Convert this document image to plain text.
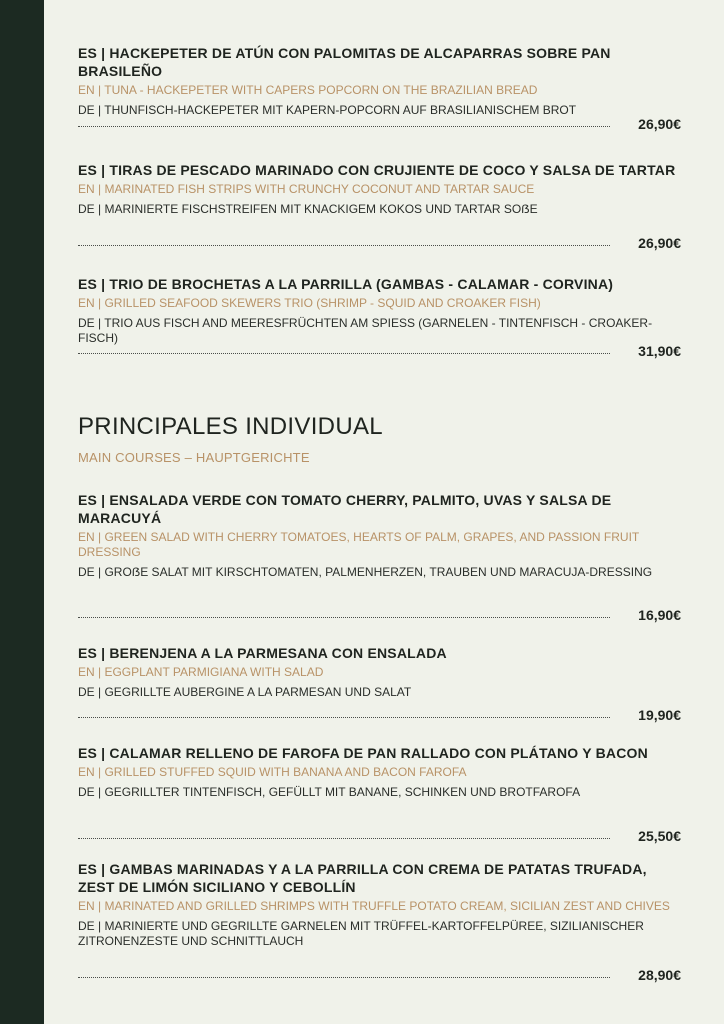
ES | HACKEPETER DE ATÚN CON PALOMITAS DE ALCAPARRAS SOBRE PAN BRASILEÑO
EN | TUNA - HACKEPETER WITH CAPERS POPCORN ON THE BRAZILIAN BREAD
DE | THUNFISCH-HACKEPETER MIT KAPERN-POPCORN AUF BRASILIANISCHEM BROT
26,90€
ES | TIRAS DE PESCADO MARINADO CON CRUJIENTE DE COCO Y SALSA DE TARTAR
EN | MARINATED FISH STRIPS WITH CRUNCHY COCONUT AND TARTAR SAUCE
DE | MARINIERTE FISCHSTREIFEN MIT KNACKIGEM KOKOS UND TARTAR SOẞE
26,90€
ES | TRIO DE BROCHETAS A LA PARRILLA (GAMBAS - CALAMAR - CORVINA)
EN | GRILLED SEAFOOD SKEWERS TRIO (SHRIMP - SQUID AND CROAKER FISH)
DE | TRIO AUS FISCH AND MEERESFRÜCHTEN AM SPIESS (GARNELEN - TINTENFISCH - CROAKER-FISCH)
31,90€
PRINCIPALES INDIVIDUAL
MAIN COURSES – HAUPTGERICHTE
ES | ENSALADA VERDE CON TOMATO CHERRY, PALMITO, UVAS Y SALSA DE MARACUYÁ
EN | GREEN SALAD WITH CHERRY TOMATOES, HEARTS OF PALM, GRAPES, AND PASSION FRUIT DRESSING
DE | GROẞE SALAT MIT KIRSCHTOMATEN, PALMENHERZEN, TRAUBEN UND MARACUJA-DRESSING
16,90€
ES | BERENJENA A LA PARMESANA CON ENSALADA
EN | EGGPLANT PARMIGIANA WITH SALAD
DE | GEGRILLTE AUBERGINE A LA PARMESAN UND SALAT
19,90€
ES | CALAMAR RELLENO DE FAROFA DE PAN RALLADO CON PLÁTANO Y BACON
EN | GRILLED STUFFED SQUID WITH BANANA AND BACON FAROFA
DE | GEGRILLTER TINTENFISCH, GEFÜLLT MIT BANANE, SCHINKEN UND BROTFAROFA
25,50€
ES | GAMBAS MARINADAS Y A LA PARRILLA CON CREMA DE PATATAS TRUFADA, ZEST DE LIMÓN SICILIANO Y CEBOLLÍN
EN | MARINATED AND GRILLED SHRIMPS WITH TRUFFLE POTATO CREAM, SICILIAN ZEST AND CHIVES
DE | MARINIERTE UND GEGRILLTE GARNELEN MIT TRÜFFEL-KARTOFFELPÜREE, SIZILIANISCHER ZITRONENZESTE UND SCHNITTLAUCH
28,90€
